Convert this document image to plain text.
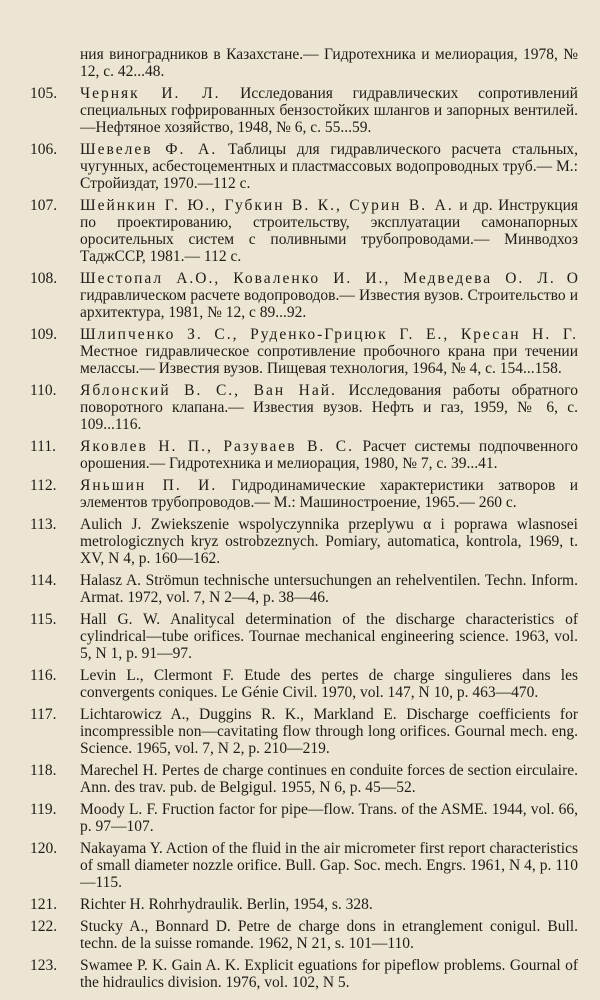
ния виноградников в Казахстане.— Гидротехника и мелиорация, 1978, № 12, с. 42...48.
105.	Черняк И. Л. Исследования гидравлических сопротивлений специальных гофрированных бензостойких шлангов и запорных вентилей.—Нефтяное хозяйство, 1948, № 6, с. 55...59.
106.	Шевелев Ф. А. Таблицы для гидравлического расчета стальных, чугунных, асбестоцементных и пластмассовых водопроводных труб.— М.: Стройиздат, 1970.—112 с.
107.	Шейнкин Г. Ю., Губкин В. К., Сурин В. А. и др. Инструкция по проектированию, строительству, эксплуатации самонапорных оросительных систем с поливными трубопроводами.— Минводхоз ТаджССР, 1981.— 112 с.
108.	Шестопал А.О., Коваленко И. И., Медведева О. Л. О гидравлическом расчете водопроводов.— Известия вузов. Строительство и архитектура, 1981, № 12, с 89...92.
109.	Шлипченко З. С., Руденко-Грицюк Г. Е., Кресан Н. Г. Местное гидравлическое сопротивление пробочного крана при течении мелассы.— Известия вузов. Пищевая технология, 1964, № 4, с. 154...158.
110.	Яблонский В. С., Ван Най. Исследования работы обратного поворотного клапана.— Известия вузов. Нефть и газ, 1959, № 6, с. 109...116.
111.	Яковлев Н. П., Разуваев В. С. Расчет системы подпочвенного орошения.— Гидротехника и мелиорация, 1980, № 7, с. 39...41.
112.	Яньшин П. И. Гидродинамические характеристики затворов и элементов трубопроводов.— М.: Машиностроение, 1965.— 260 с.
113.	Aulich J. Zwiekszenie wspolyczynnika przeplywu α i poprawa wlasnosei metrologicznych kryz ostrobzeznych. Pomiary, automatica, kontrola, 1969, t. XV, N 4, p. 160—162.
114.	Halasz A. Strömun technische untersuchungen an rehelventilen. Techn. Inform. Armat. 1972, vol. 7, N 2—4, p. 38—46.
115.	Hall G. W. Analitycal determination of the discharge characteristics of cylindrical—tube orifices. Tournae mechanical engineering science. 1963, vol. 5, N 1, p. 91—97.
116.	Levin L., Clermont F. Etude des pertes de charge singulieres dans les convergents coniques. Le Génie Civil. 1970, vol. 147, N 10, p. 463—470.
117.	Lichtarowicz A., Duggins R. K., Markland E. Discharge coefficients for incompressible non—cavitating flow through long orifices. Gournal mech. eng. Science. 1965, vol. 7, N 2, p. 210—219.
118.	Marechel H. Pertes de charge continues en conduite forces de section eirculaire. Ann. des trav. pub. de Belgigul. 1955, N 6, p. 45—52.
119.	Moody L. F. Fruction factor for pipe—flow. Trans. of the ASME. 1944, vol. 66, p. 97—107.
120.	Nakayama Y. Action of the fluid in the air micrometer first report characteristics of small diameter nozzle orifice. Bull. Gap. Soc. mech. Engrs. 1961, N 4, p. 110—115.
121.	Richter H. Rohrhydraulik. Berlin, 1954, s. 328.
122.	Stucky A., Bonnard D. Petre de charge dons in etranglement conigul. Bull. techn. de la suisse romande. 1962, N 21, s. 101—110.
123.	Swamee P. K. Gain A. K. Explicit eguations for pipeflow problems. Gournal of the hidraulics division. 1976, vol. 102, N 5.
